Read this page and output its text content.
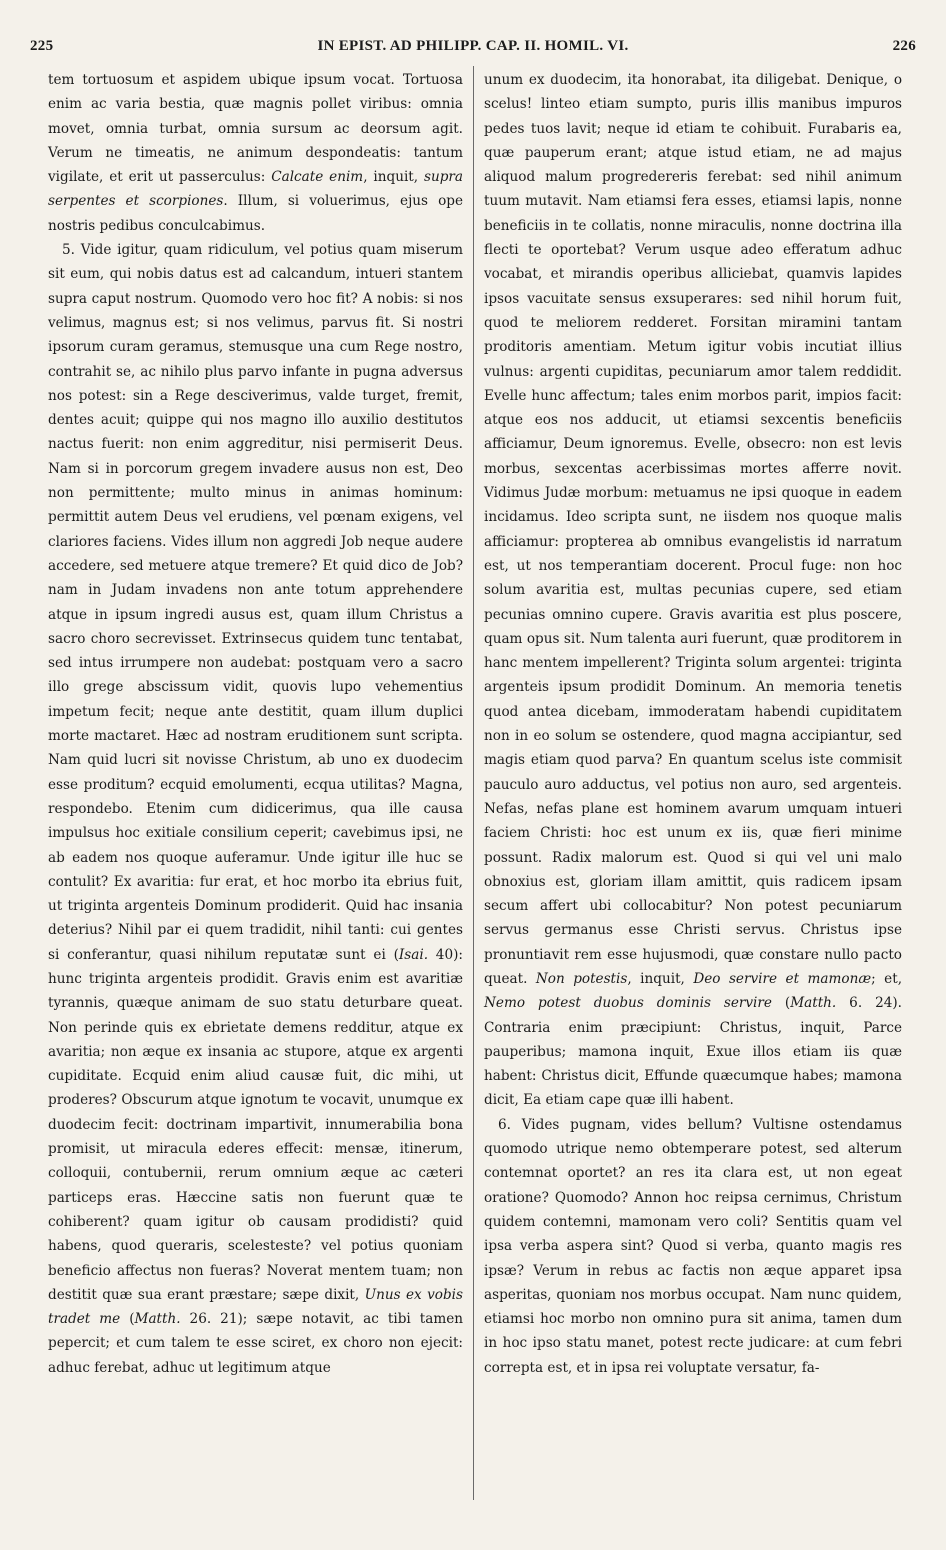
225	IN EPIST. AD PHILIPP. CAP. II. HOMIL. VI.	226

tem tortuosum et aspidem ubique ipsum vocat. Tortuosa enim ac varia bestia, quæ magnis pollet viribus: omnia movet, omnia turbat, omnia sursum ac deorsum agit. Verum ne timeatis, ne animum despondeatis: tantum vigilate, et erit ut passerculus: Calcate enim, inquit, supra serpentes et scorpiones. Illum, si voluerimus, ejus ope nostris pedibus conculcabimus.

5. Vide igitur, quam ridiculum, vel potius quam miserum sit eum, qui nobis datus est ad calcandum, intueri stantem supra caput nostrum. Quomodo vero hoc fit? A nobis: si nos velimus, magnus est; si nos velimus, parvus fit. Si nostri ipsorum curam geramus, stemusque una cum Rege nostro, contrahit se, ac nihilo plus parvo infante in pugna adversus nos potest: sin a Rege desciverimus, valde turget, fremit, dentes acuit; quippe qui nos magno illo auxilio destitutos nactus fuerit: non enim aggreditur, nisi permiserit Deus. Nam si in porcorum gregem invadere ausus non est, Deo non permittente; multo minus in animas hominum: permittit autem Deus vel erudiens, vel pœnam exigens, vel clariores faciens. Vides illum non aggredi Job neque audere accedere, sed metuere atque tremere? Et quid dico de Job? nam in Judam invadens non ante totum apprehendere atque in ipsum ingredi ausus est, quam illum Christus a sacro choro secrevisset. Extrinsecus quidem tunc tentabat, sed intus irrumpere non audebat: postquam vero a sacro illo grege abscissum vidit, quovis lupo vehementius impetum fecit; neque ante destitit, quam illum duplici morte mactaret. Hæc ad nostram eruditionem sunt scripta. Nam quid lucri sit novisse Christum, ab uno ex duodecim esse proditum? ecquid emolumenti, ecqua utilitas? Magna, respondebo. Etenim cum didicerimus, qua ille causa impulsus hoc exitiale consilium ceperit; cavebimus ipsi, ne ab eadem nos quoque auferamur. Unde igitur ille huc se contulit? Ex avaritia: fur erat, et hoc morbo ita ebrius fuit, ut triginta argenteis Dominum prodiderit. Quid hac insania deterius? Nihil par ei quem tradidit, nihil tanti: cui gentes si conferantur, quasi nihilum reputatæ sunt ei (Isai. 40): hunc triginta argenteis prodidit. Gravis enim est avaritiæ tyrannis, quæque animam de suo statu deturbare queat. Non perinde quis ex ebrietate demens redditur, atque ex avaritia; non æque ex insania ac stupore, atque ex argenti cupiditate. Ecquid enim aliud causæ fuit, dic mihi, ut proderes? Obscurum atque ignotum te vocavit, unumque ex duodecim fecit: doctrinam impartivit, innumerabilia bona promisit, ut miracula ederes effecit: mensæ, itinerum, colloquii, contubernii, rerum omnium æque ac cæteri particeps eras. Hæccine satis non fuerunt quæ te cohiberent? quam igitur ob causam prodidisti? quid habens, quod queraris, scelesteste? vel potius quoniam beneficio affectus non fueras? Noverat mentem tuam; non destitit quæ sua erant præstare; sæpe dixit, Unus ex vobis tradet me (Matth. 26. 21); sæpe notavit, ac tibi tamen pepercit; et cum talem te esse sciret, ex choro non ejecit: adhuc ferebat, adhuc ut legitimum atque

unum ex duodecim, ita honorabat, ita diligebat. Denique, o scelus! linteo etiam sumpto, puris illis manibus impuros pedes tuos lavit; neque id etiam te cohibuit. Furabaris ea, quæ pauperum erant; atque istud etiam, ne ad majus aliquod malum progredereris ferebat: sed nihil animum tuum mutavit. Nam etiamsi fera esses, etiamsi lapis, nonne beneficiis in te collatis, nonne miraculis, nonne doctrina illa flecti te oportebat? Verum usque adeo efferatum adhuc vocabat, et mirandis operibus alliciebat, quamvis lapides ipsos vacuitate sensus exsuperares: sed nihil horum fuit, quod te meliorem redderet. Forsitan miramini tantam proditoris amentiam. Metum igitur vobis incutiat illius vulnus: argenti cupiditas, pecuniarum amor talem reddidit. Evelle hunc affectum; tales enim morbos parit, impios facit: atque eos nos adducit, ut etiamsi sexcentis beneficiis afficiamur, Deum ignoremus. Evelle, obsecro: non est levis morbus, sexcentas acerbissimas mortes afferre novit. Vidimus Judæ morbum: metuamus ne ipsi quoque in eadem incidamus. Ideo scripta sunt, ne iisdem nos quoque malis afficiamur: propterea ab omnibus evangelistis id narratum est, ut nos temperantiam docerent. Procul fuge: non hoc solum avaritia est, multas pecunias cupere, sed etiam pecunias omnino cupere. Gravis avaritia est plus poscere, quam opus sit. Num talenta auri fuerunt, quæ proditorem in hanc mentem impellerent? Triginta solum argentei: triginta argenteis ipsum prodidit Dominum. An memoria tenetis quod antea dicebam, immoderatam habendi cupiditatem non in eo solum se ostendere, quod magna accipiantur, sed magis etiam quod parva? En quantum scelus iste commisit pauculo auro adductus, vel potius non auro, sed argenteis. Nefas, nefas plane est hominem avarum umquam intueri faciem Christi: hoc est unum ex iis, quæ fieri minime possunt. Radix malorum est. Quod si qui vel uni malo obnoxius est, gloriam illam amittit, quis radicem ipsam secum affert ubi collocabitur? Non potest pecuniarum servus germanus esse Christi servus. Christus ipse pronuntiavit rem esse hujusmodi, quæ constare nullo pacto queat. Non potestis, inquit, Deo servire et mamonæ; et, Nemo potest duobus dominis servire (Matth. 6. 24). Contraria enim præcipiunt: Christus, inquit, Parce pauperibus; mamona inquit, Exue illos etiam iis quæ habent: Christus dicit, Effunde quæcumque habes; mamona dicit, Ea etiam cape quæ illi habent.

6. Vides pugnam, vides bellum? Vultisne ostendamus quomodo utrique nemo obtemperare potest, sed alterum contemnat oportet? an res ita clara est, ut non egeat oratione? Quomodo? Annon hoc reipsa cernimus, Christum quidem contemni, mamonam vero coli? Sentitis quam vel ipsa verba aspera sint? Quod si verba, quanto magis res ipsæ? Verum in rebus ac factis non æque apparet ipsa asperitas, quoniam nos morbus occupat. Nam nunc quidem, etiamsi hoc morbo non omnino pura sit anima, tamen dum in hoc ipso statu manet, potest recte judicare: at cum febri correpta est, et in ipsa rei voluptate versatur, fa-
